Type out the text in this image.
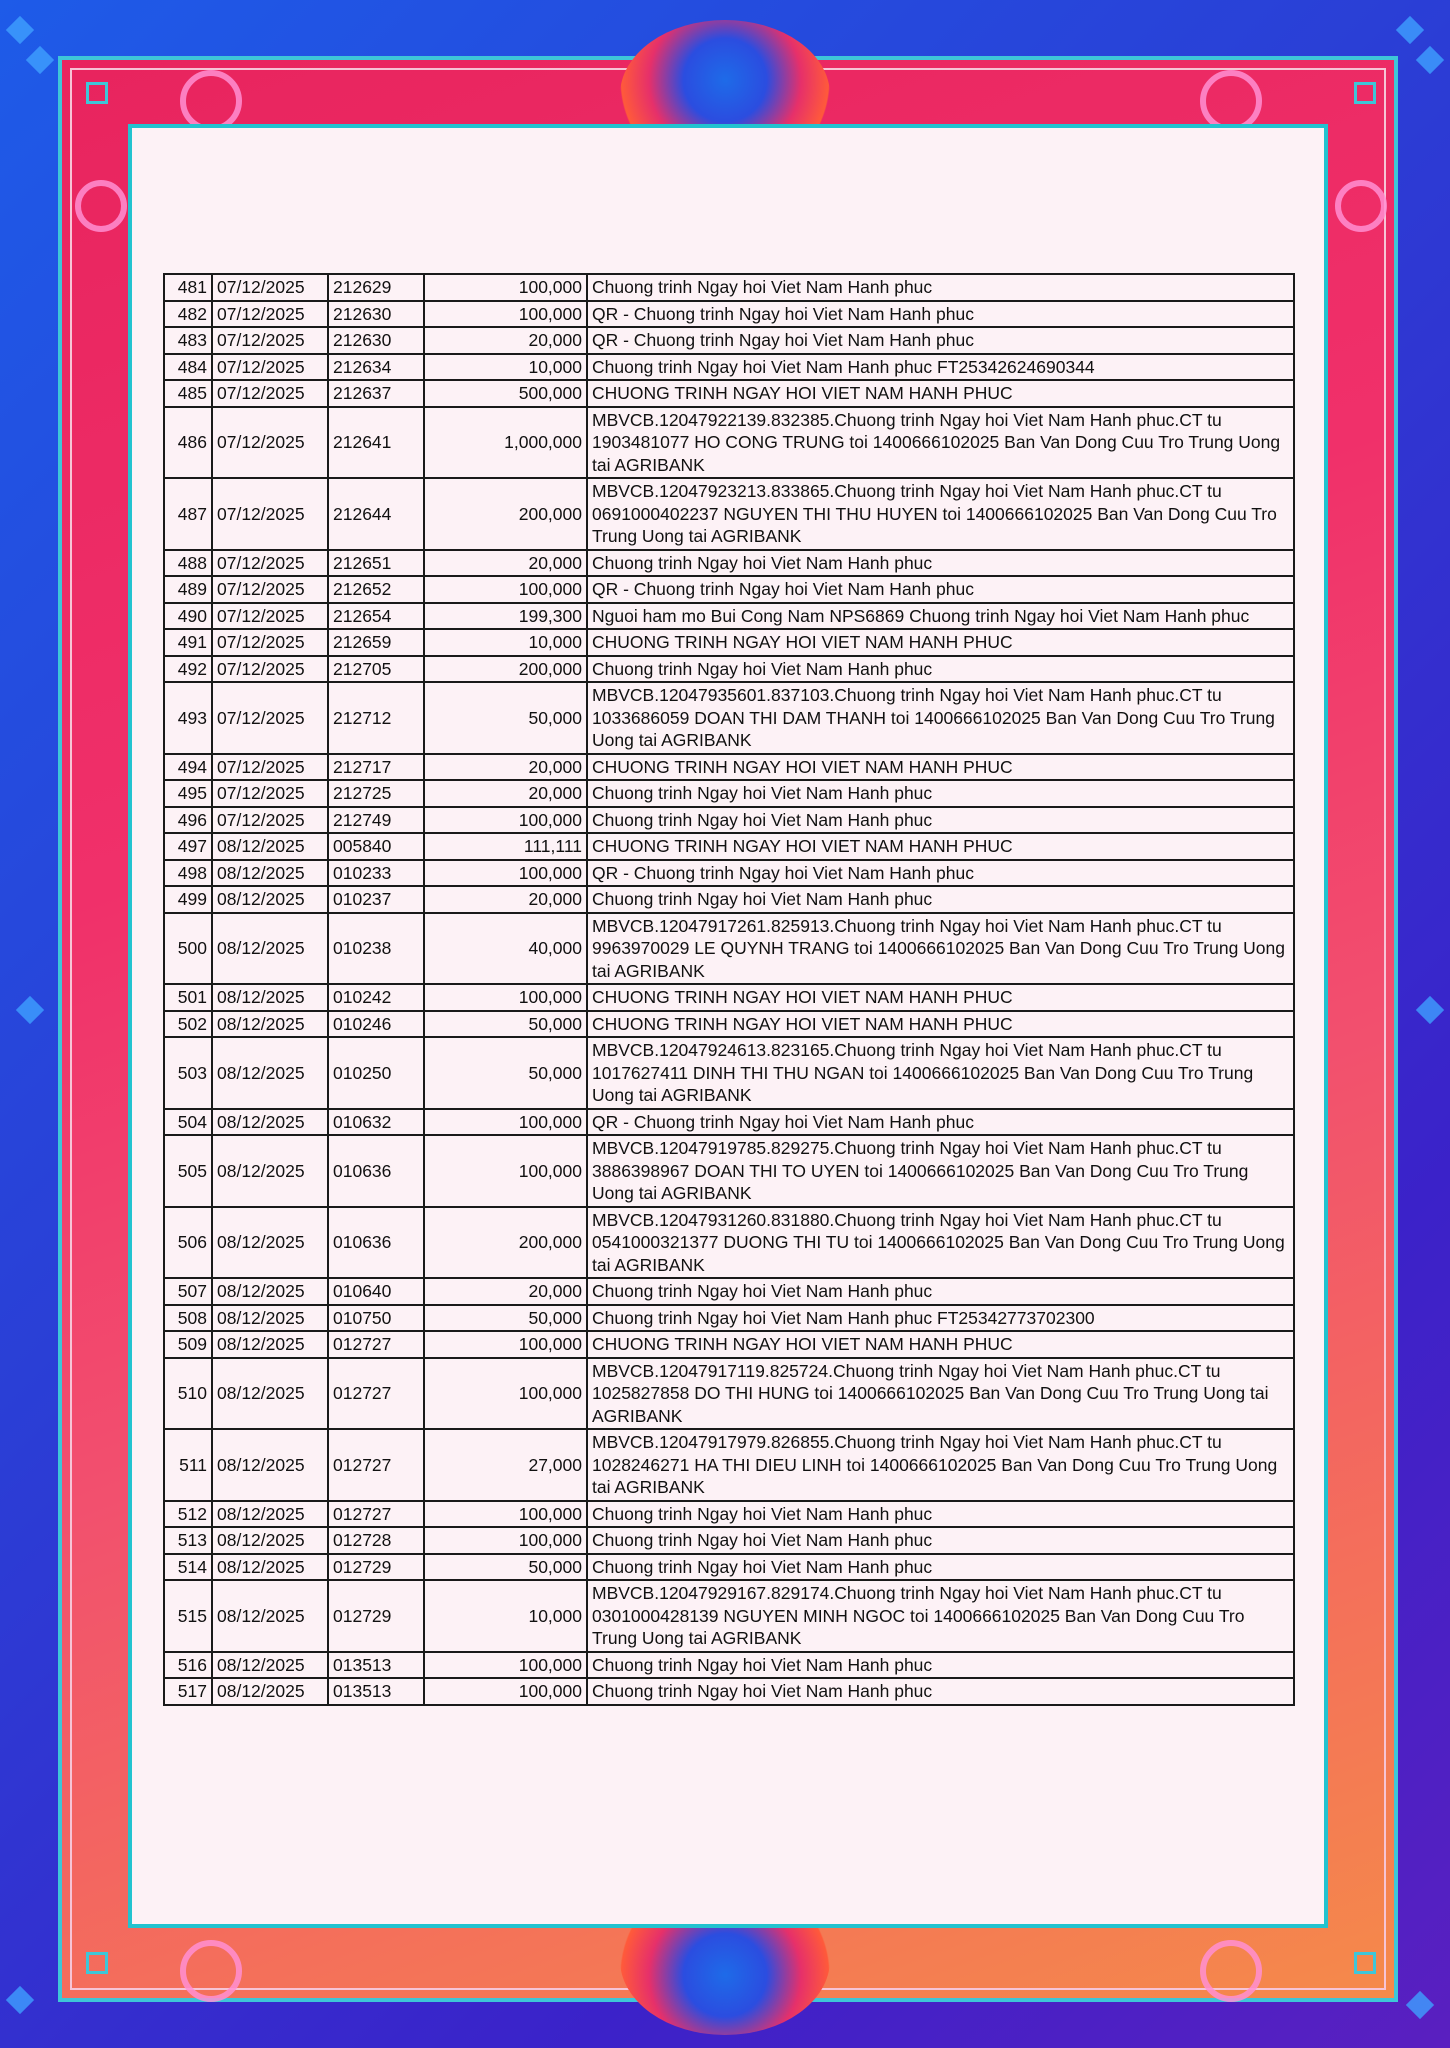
481	07/12/2025	212629	100,000	Chuong trinh Ngay hoi Viet Nam Hanh phuc
482	07/12/2025	212630	100,000	QR - Chuong trinh Ngay hoi Viet Nam Hanh phuc
483	07/12/2025	212630	20,000	QR - Chuong trinh Ngay hoi Viet Nam Hanh phuc
484	07/12/2025	212634	10,000	Chuong trinh Ngay hoi Viet Nam Hanh phuc FT25342624690344
485	07/12/2025	212637	500,000	CHUONG TRINH NGAY HOI VIET NAM HANH PHUC
486	07/12/2025	212641	1,000,000	MBVCB.12047922139.832385.Chuong trinh Ngay hoi Viet Nam Hanh phuc.CT tu 1903481077 HO CONG TRUNG toi 1400666102025 Ban Van Dong Cuu Tro Trung Uong tai AGRIBANK
487	07/12/2025	212644	200,000	MBVCB.12047923213.833865.Chuong trinh Ngay hoi Viet Nam Hanh phuc.CT tu 0691000402237 NGUYEN THI THU HUYEN toi 1400666102025 Ban Van Dong Cuu Tro Trung Uong tai AGRIBANK
488	07/12/2025	212651	20,000	Chuong trinh Ngay hoi Viet Nam Hanh phuc
489	07/12/2025	212652	100,000	QR - Chuong trinh Ngay hoi Viet Nam Hanh phuc
490	07/12/2025	212654	199,300	Nguoi ham mo Bui Cong Nam NPS6869 Chuong trinh Ngay hoi Viet Nam Hanh phuc
491	07/12/2025	212659	10,000	CHUONG TRINH NGAY HOI VIET NAM HANH PHUC
492	07/12/2025	212705	200,000	Chuong trinh Ngay hoi Viet Nam Hanh phuc
493	07/12/2025	212712	50,000	MBVCB.12047935601.837103.Chuong trinh Ngay hoi Viet Nam Hanh phuc.CT tu 1033686059 DOAN THI DAM THANH toi 1400666102025 Ban Van Dong Cuu Tro Trung Uong tai AGRIBANK
494	07/12/2025	212717	20,000	CHUONG TRINH NGAY HOI VIET NAM HANH PHUC
495	07/12/2025	212725	20,000	Chuong trinh Ngay hoi Viet Nam Hanh phuc
496	07/12/2025	212749	100,000	Chuong trinh Ngay hoi Viet Nam Hanh phuc
497	08/12/2025	005840	111,111	CHUONG TRINH NGAY HOI VIET NAM HANH PHUC
498	08/12/2025	010233	100,000	QR - Chuong trinh Ngay hoi Viet Nam Hanh phuc
499	08/12/2025	010237	20,000	Chuong trinh Ngay hoi Viet Nam Hanh phuc
500	08/12/2025	010238	40,000	MBVCB.12047917261.825913.Chuong trinh Ngay hoi Viet Nam Hanh phuc.CT tu 9963970029 LE QUYNH TRANG toi 1400666102025 Ban Van Dong Cuu Tro Trung Uong tai AGRIBANK
501	08/12/2025	010242	100,000	CHUONG TRINH NGAY HOI VIET NAM HANH PHUC
502	08/12/2025	010246	50,000	CHUONG TRINH NGAY HOI VIET NAM HANH PHUC
503	08/12/2025	010250	50,000	MBVCB.12047924613.823165.Chuong trinh Ngay hoi Viet Nam Hanh phuc.CT tu 1017627411 DINH THI THU NGAN toi 1400666102025 Ban Van Dong Cuu Tro Trung Uong tai AGRIBANK
504	08/12/2025	010632	100,000	QR - Chuong trinh Ngay hoi Viet Nam Hanh phuc
505	08/12/2025	010636	100,000	MBVCB.12047919785.829275.Chuong trinh Ngay hoi Viet Nam Hanh phuc.CT tu 3886398967 DOAN THI TO UYEN toi 1400666102025 Ban Van Dong Cuu Tro Trung Uong tai AGRIBANK
506	08/12/2025	010636	200,000	MBVCB.12047931260.831880.Chuong trinh Ngay hoi Viet Nam Hanh phuc.CT tu 0541000321377 DUONG THI TU toi 1400666102025 Ban Van Dong Cuu Tro Trung Uong tai AGRIBANK
507	08/12/2025	010640	20,000	Chuong trinh Ngay hoi Viet Nam Hanh phuc
508	08/12/2025	010750	50,000	Chuong trinh Ngay hoi Viet Nam Hanh phuc FT25342773702300
509	08/12/2025	012727	100,000	CHUONG TRINH NGAY HOI VIET NAM HANH PHUC
510	08/12/2025	012727	100,000	MBVCB.12047917119.825724.Chuong trinh Ngay hoi Viet Nam Hanh phuc.CT tu 1025827858 DO THI HUNG toi 1400666102025 Ban Van Dong Cuu Tro Trung Uong tai AGRIBANK
511	08/12/2025	012727	27,000	MBVCB.12047917979.826855.Chuong trinh Ngay hoi Viet Nam Hanh phuc.CT tu 1028246271 HA THI DIEU LINH toi 1400666102025 Ban Van Dong Cuu Tro Trung Uong tai AGRIBANK
512	08/12/2025	012727	100,000	Chuong trinh Ngay hoi Viet Nam Hanh phuc
513	08/12/2025	012728	100,000	Chuong trinh Ngay hoi Viet Nam Hanh phuc
514	08/12/2025	012729	50,000	Chuong trinh Ngay hoi Viet Nam Hanh phuc
515	08/12/2025	012729	10,000	MBVCB.12047929167.829174.Chuong trinh Ngay hoi Viet Nam Hanh phuc.CT tu 0301000428139 NGUYEN MINH NGOC toi 1400666102025 Ban Van Dong Cuu Tro Trung Uong tai AGRIBANK
516	08/12/2025	013513	100,000	Chuong trinh Ngay hoi Viet Nam Hanh phuc
517	08/12/2025	013513	100,000	Chuong trinh Ngay hoi Viet Nam Hanh phuc
